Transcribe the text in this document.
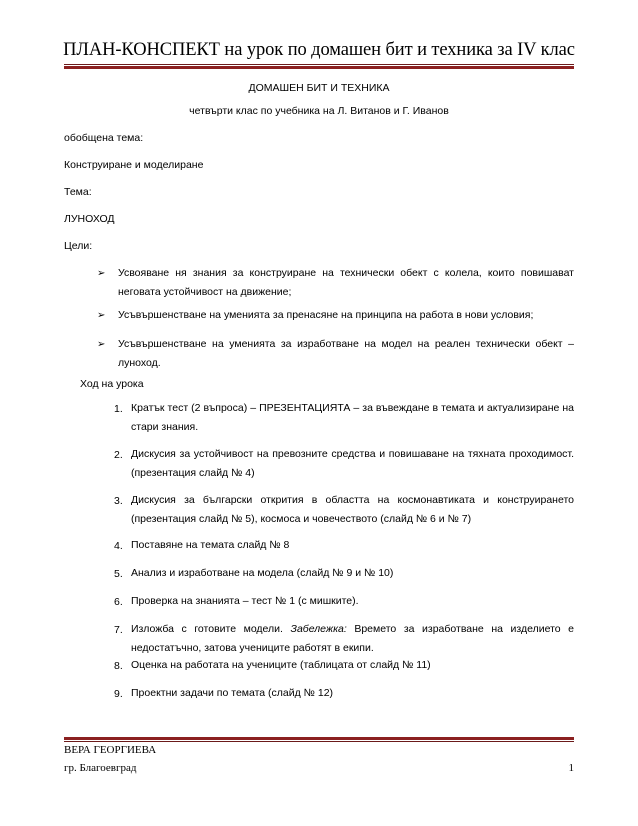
ПЛАН-КОНСПЕКТ на урок по домашен бит и техника за IV клас
ДОМАШЕН БИТ И ТЕХНИКА
четвърти клас по учебника на Л. Витанов и Г. Иванов
обобщена тема:
Конструиране и моделиране
Тема:
ЛУНОХОД
Цели:
➢ Усвояване ня знания за конструиране на технически обект с колела, които повишават неговата устойчивост на движение;
➢ Усъвършенстване на уменията за пренасяне на принципа на работа в нови условия;
➢ Усъвършенстване на уменията за изработване на модел на реален технически обект – луноход.
Ход на урока
1. Кратък тест (2 въпроса) – ПРЕЗЕНТАЦИЯТА – за въвеждане в темата и актуализиране на стари знания.
2. Дискусия за устойчивост на превозните средства и повишаване на тяхната проходимост. (презентация слайд № 4)
3. Дискусия за български открития в областта на космонавтиката и конструирането (презентация слайд № 5), космоса и човечеството (слайд № 6 и № 7)
4. Поставяне на темата слайд № 8
5. Анализ и изработване на модела (слайд № 9 и № 10)
6. Проверка на знанията – тест № 1 (с мишките).
7. Изложба с готовите модели. Забележка: Времето за изработване на изделието е недостатъчно, затова учениците работят в екипи.
8. Оценка на работата на учениците (таблицата от слайд № 11)
9. Проектни задачи по темата (слайд № 12)
ВЕРА ГЕОРГИЕВА
гр. Благоевград	1
